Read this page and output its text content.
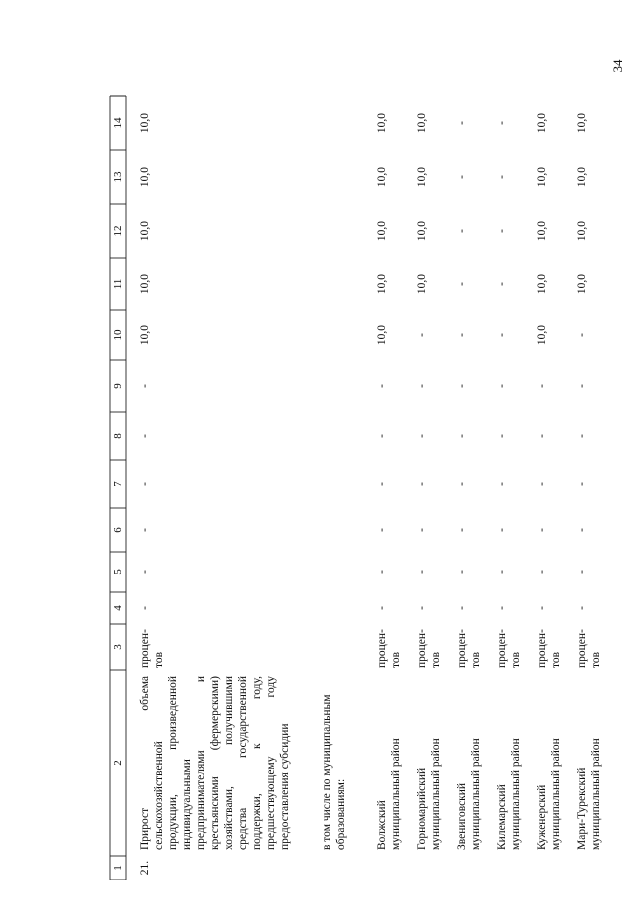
34
1
2
3
4
5
6
7
8
9
10
11
12
13
14
21.
Прирост объема сельскохозяйственной продукции, произведенной индивидуальными предпринимателями и крестьянскими (фермерскими) хозяйствами, получившими средства государственной поддержки, к году, предшествующему году предоставления субсидии
процен-тов
-
-
-
-
-
-
10,0
10,0
10,0
10,0
10,0
в том числе по муниципальным образованиям:	Волжский муниципальный район
процен-тов
-
-
-
-
-
-
10,0
10,0
10,0
10,0
10,0
Горномарийский муниципальный район
процен-тов
-
-
-
-
-
-
-
10,0
10,0
10,0
10,0
Звениговский муниципальный район
процен-тов
-
-
-
-
-
-
-
-
-
-
-
Килемарский муниципальный район
процен-тов
-
-
-
-
-
-
-
-
-
-
-
Куженерский муниципальный район
процен-тов
-
-
-
-
-
-
10,0
10,0
10,0
10,0
10,0
Мари-Турекский муниципальный район
процен-тов
-
-
-
-
-
-
-
10,0
10,0
10,0
10,0
